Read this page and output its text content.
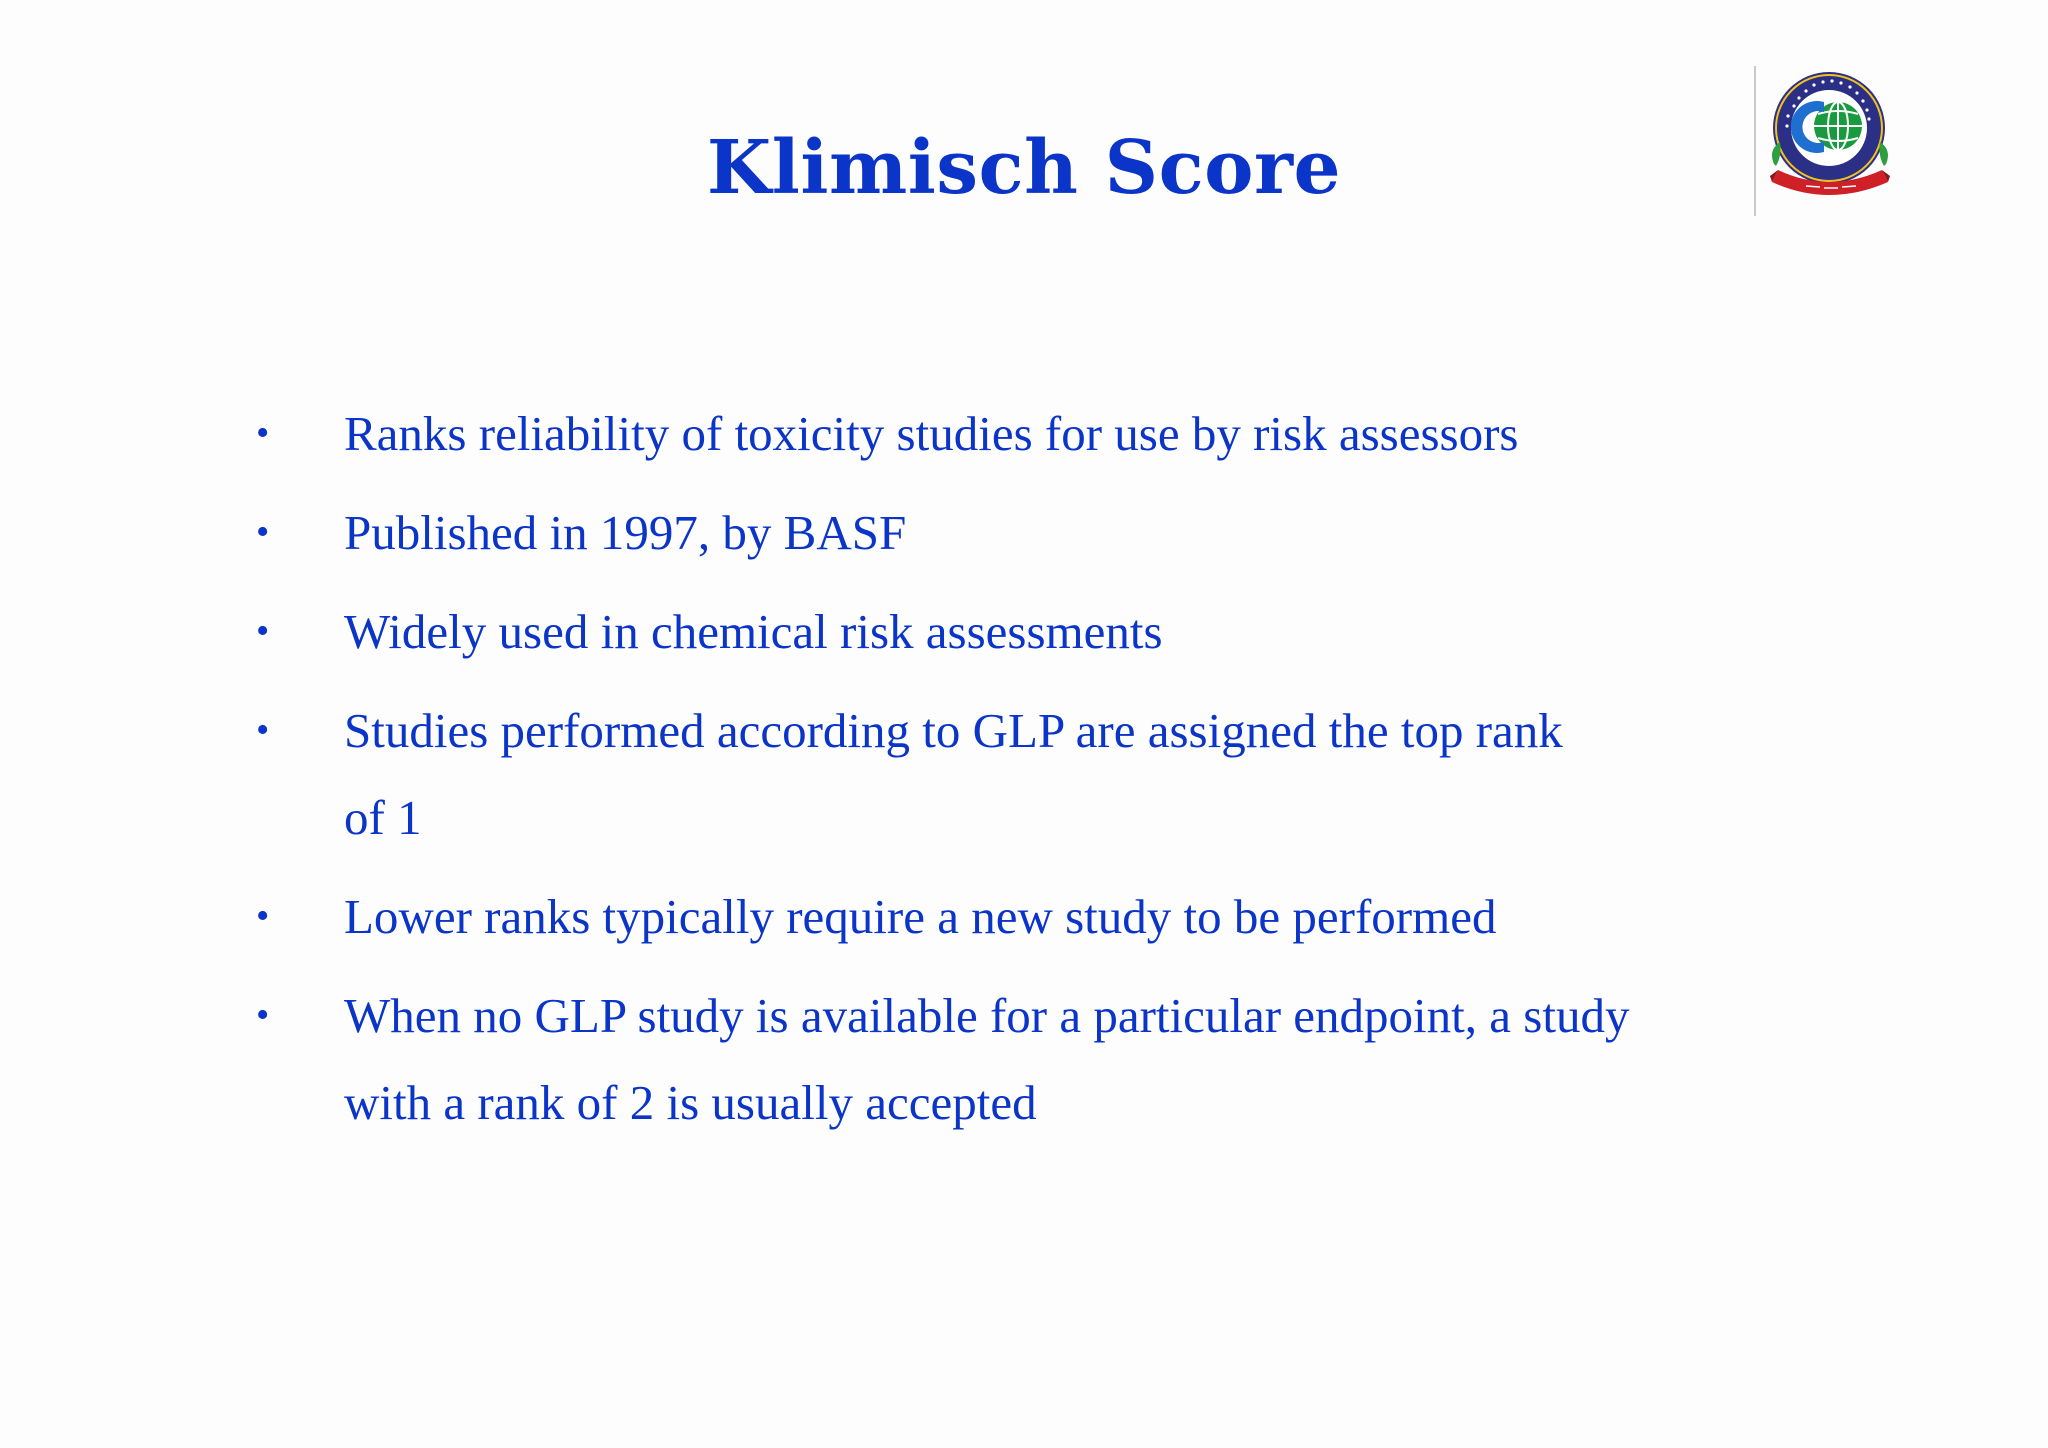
Klimisch Score
• Ranks reliability of toxicity studies for use by risk assessors
• Published in 1997, by BASF
• Widely used in chemical risk assessments
• Studies performed according to GLP are assigned the top rank of 1
• Lower ranks typically require a new study to be performed
• When no GLP study is available for a particular endpoint, a study with a rank of 2 is usually accepted
